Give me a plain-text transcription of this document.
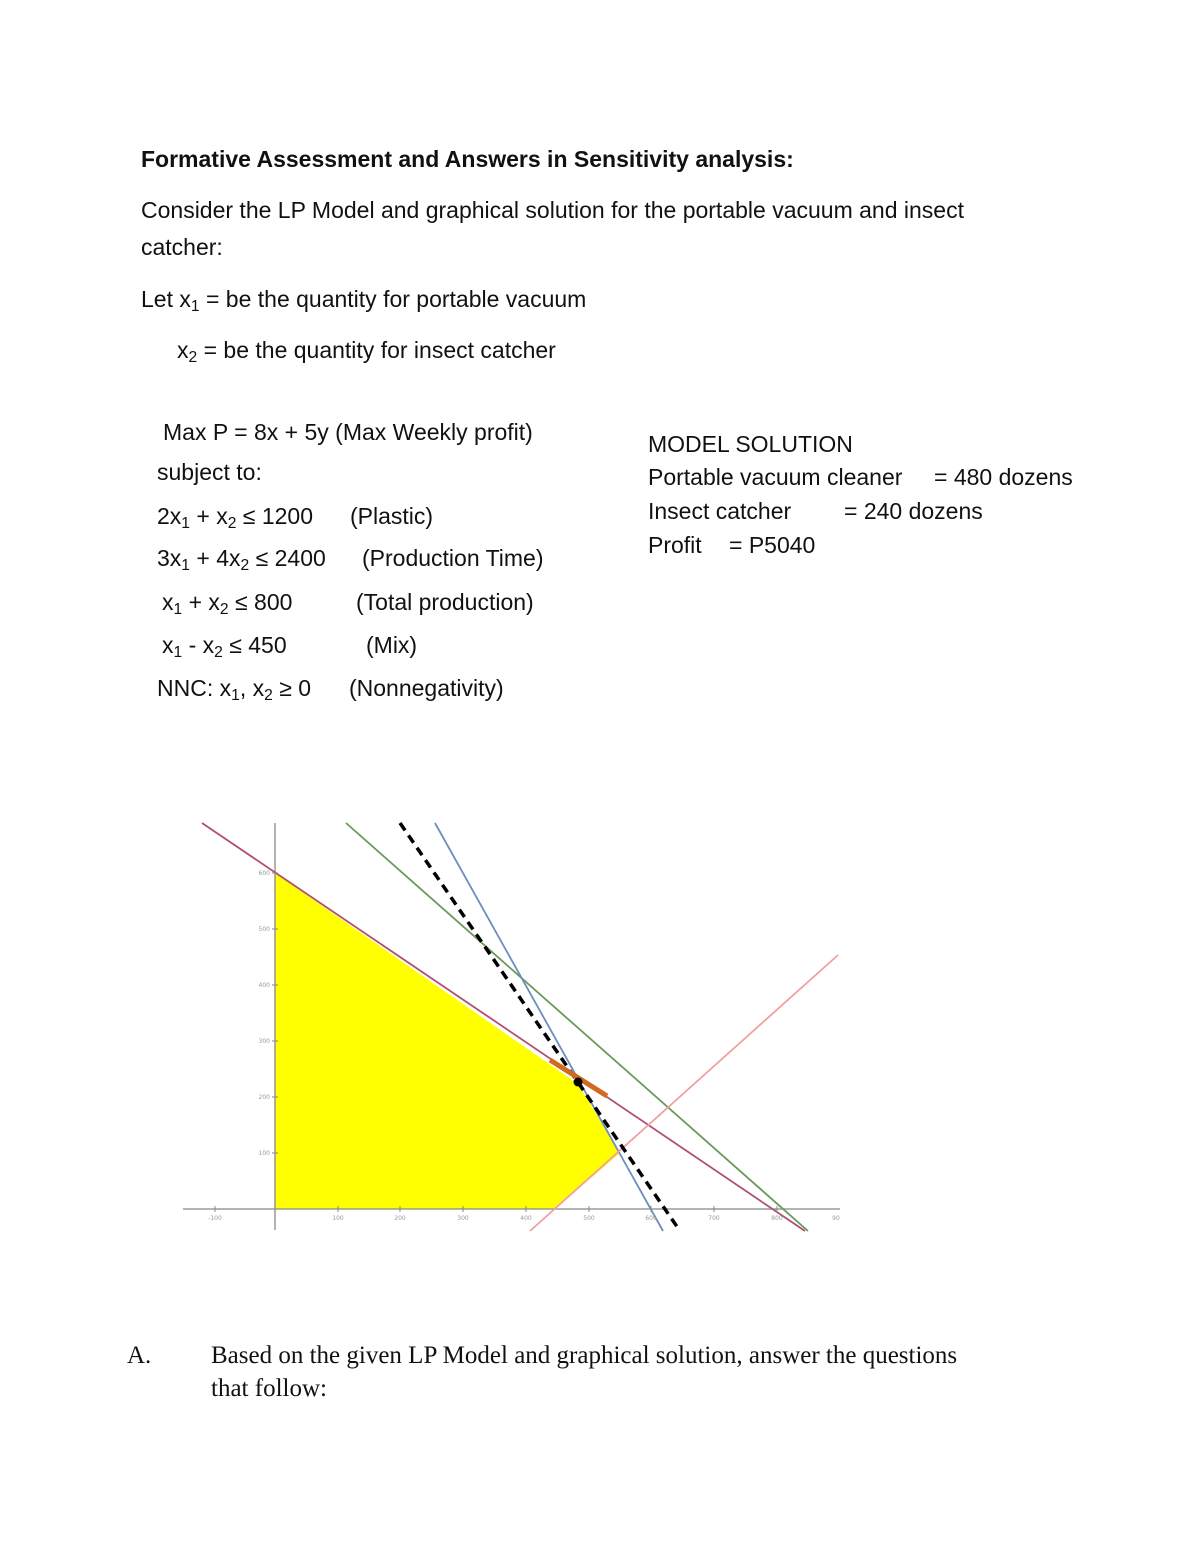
Formative Assessment and Answers in Sensitivity analysis:
Consider the LP Model and graphical solution for the portable vacuum and insect
catcher:
Let $x_1$ = be the quantity for portable vacuum
$x_2$ = be the quantity for insect catcher
Max P = 8x + 5y (Max Weekly profit)
subject to:
$2x_1 + x_2 \le 1200$ (Plastic)
$3x_1 + 4x_2 \le 2400$ (Production Time)
$x_1 + x_2 \le 800$	(Total production)
$x_1 - x_2 \le 450$	(Mix)
NNC: $x_1$, $x_2 \ge 0$ (Nonnegativity)
MODEL SOLUTION
Portable vacuum cleaner = 480 dozens
Insect catcher = 240 dozens
Profit = P5040
-100	100	200	300	400	500	600	700	800	90
100
200
300
400
500
600
A. Based on the given LP Model and graphical solution, answer the questions
that follow:
